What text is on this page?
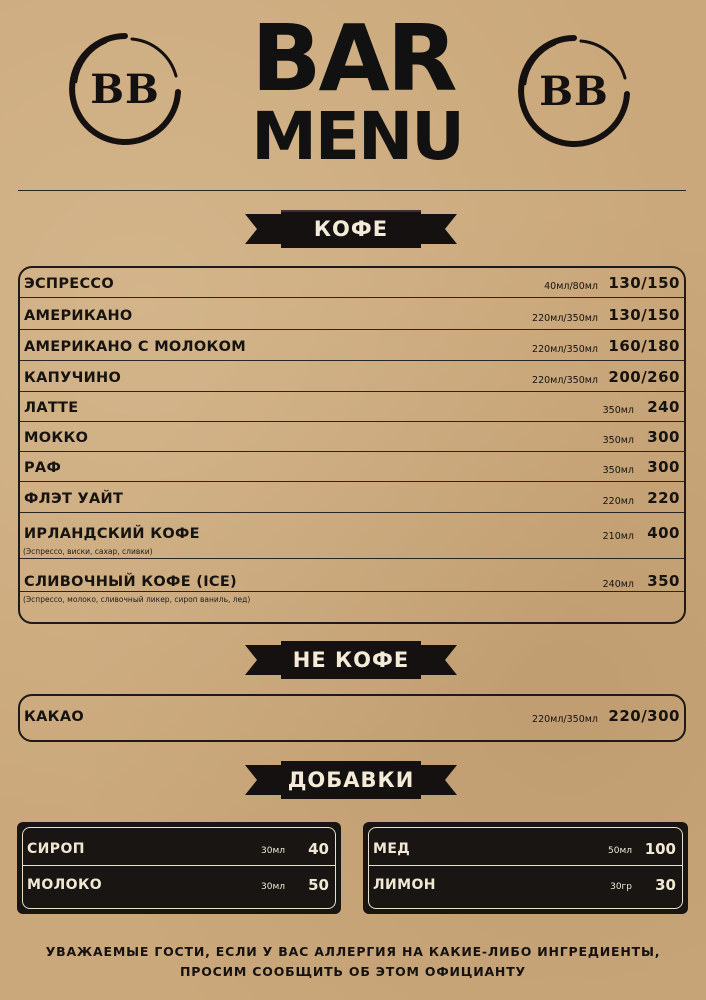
BB	BB
BAR
MENU
КОФЕ
ЭСПРЕССО	40мл/80мл 130/150
АМЕРИКАНО	220мл/350мл 130/150
АМЕРИКАНО С МОЛОКОМ	220мл/350мл 160/180
КАПУЧИНО	220мл/350мл 200/260
ЛАТТЕ	350мл 240
МОККО	350мл 300
РАФ	350мл 300
ФЛЭТ УАЙТ	220мл 220
ИРЛАНДСКИЙ КОФЕ	210мл 400
(Эспрессо, виски, сахар, сливки)
СЛИВОЧНЫЙ КОФЕ (ICE)	240мл 350
(Эспрессо, молоко, сливочный ликер, сироп ваниль, лед)
НЕ КОФЕ
КАКАО	220мл/350мл 220/300
ДОБАВКИ
СИРОП	30мл 40
МОЛОКО	30мл 50
МЕД	50мл 100
ЛИМОН	30гр 30
УВАЖАЕМЫЕ ГОСТИ, ЕСЛИ У ВАС АЛЛЕРГИЯ НА КАКИЕ-ЛИБО ИНГРЕДИЕНТЫ,
ПРОСИМ СООБЩИТЬ ОБ ЭТОМ ОФИЦИАНТУ
